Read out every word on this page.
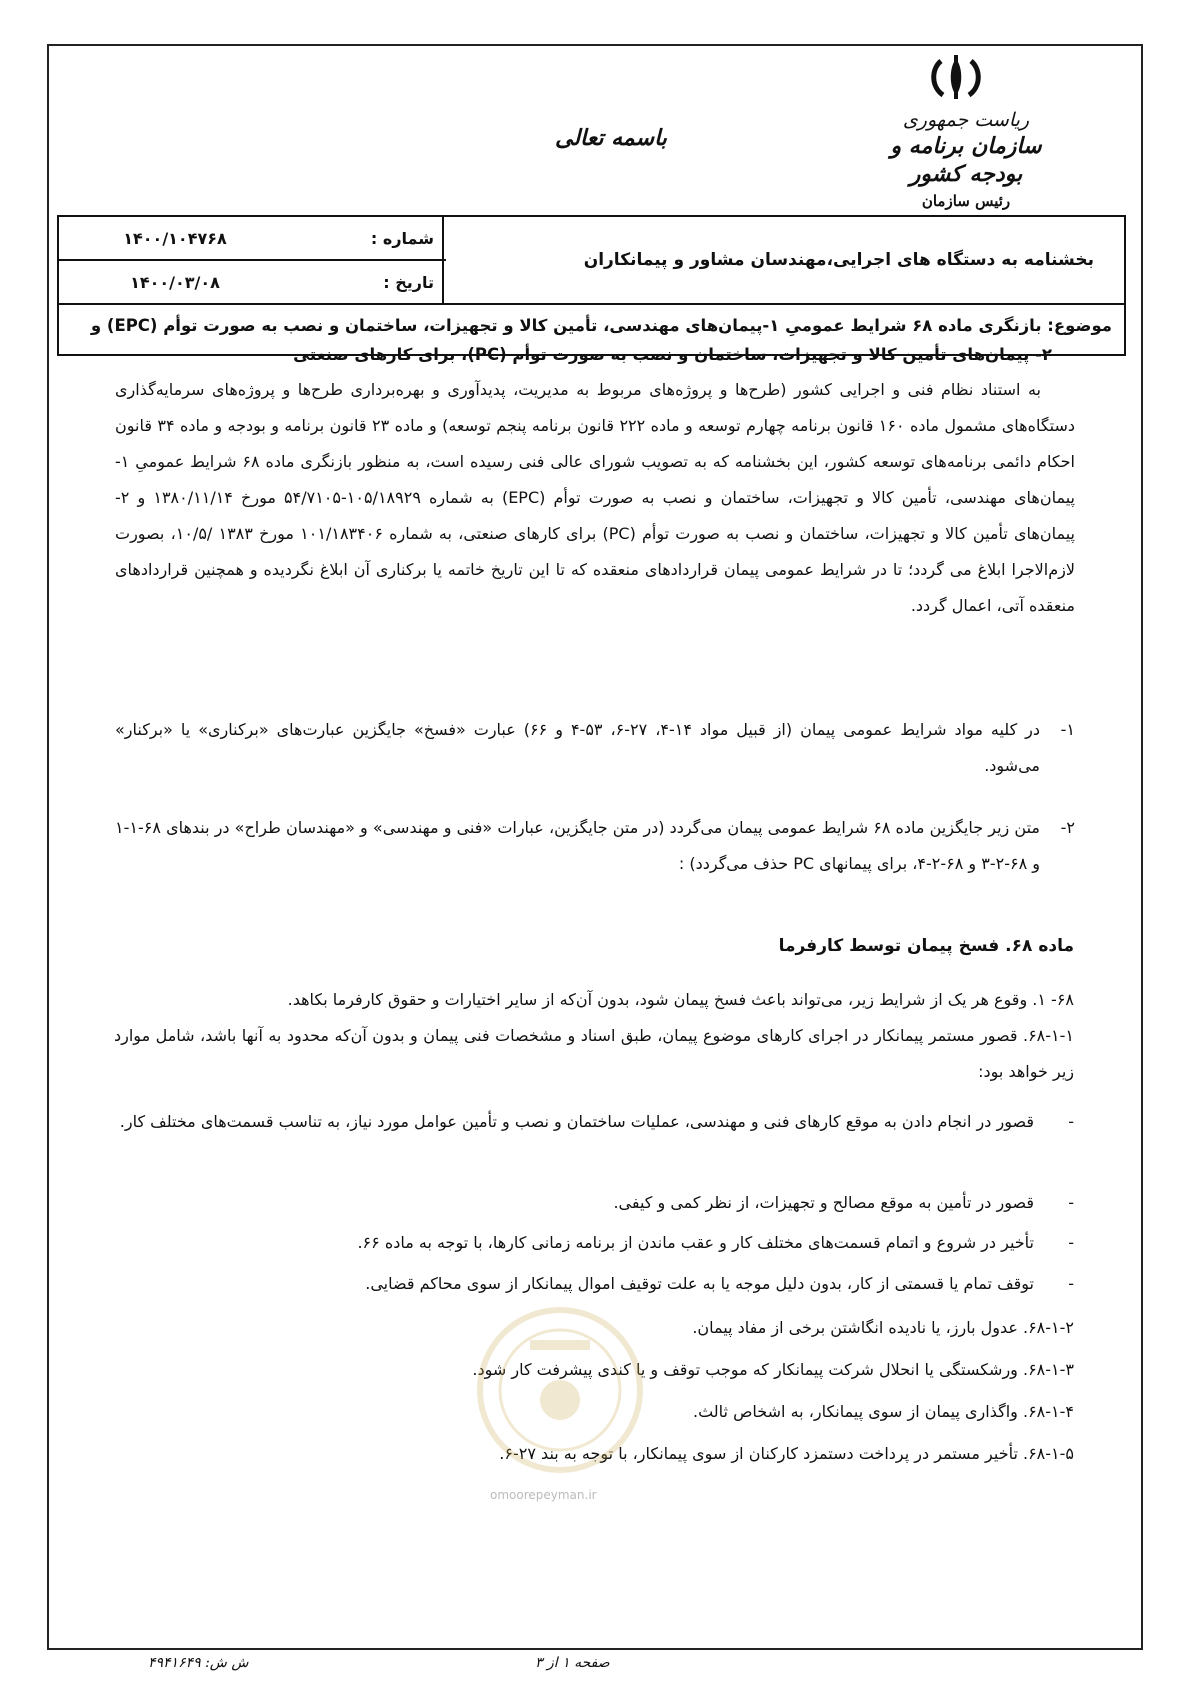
ریاست جمهوری
سازمان برنامه و بودجه کشور
رئیس سازمان
باسمه تعالی
بخشنامه به دستگاه های اجرایی،مهندسان مشاور و پیمانکاران
شماره :
۱۴۰۰/۱۰۴۷۶۸
تاریخ :
۱۴۰۰/۰۳/۰۸
موضوع: بازنگری ماده ۶۸ شرایط عمومیِ ۱-پیمان‌های مهندسی، تأمین کالا و تجهیزات، ساختمان و نصب به صورت توأم (EPC) و
۲- پیمان‌های تأمین کالا و تجهیزات، ساختمان و نصب به صورت توأم (PC)، برای کارهای صنعتی
به استناد نظام فنی و اجرایی کشور (طرح‌ها و پروژه‌های مربوط به مدیریت، پدیدآوری و بهره‌برداری طرح‌ها و پروژه‌های سرمایه‌گذاری دستگاه‌های مشمول ماده ۱۶۰ قانون برنامه چهارم توسعه و ماده ۲۲۲ قانون برنامه پنجم توسعه) و ماده ۲۳ قانون برنامه و بودجه و ماده ۳۴ قانون احکام دائمی برنامه‌های توسعه کشور، این بخشنامه که به تصویب شورای عالی فنی رسیده است، به منظور بازنگری ماده ۶۸ شرایط عمومیِ ۱- پیمان‌های مهندسی، تأمین کالا و تجهیزات، ساختمان و نصب به صورت توأم (EPC) به شماره ۱۰۵/۱۸۹۲۹-۵۴/۷۱۰۵ مورخ ۱۳۸۰/۱۱/۱۴ و ۲- پیمان‌های تأمین کالا و تجهیزات، ساختمان و نصب به صورت توأم (PC) برای کارهای صنعتی، به شماره ۱۰۱/۱۸۳۴۰۶ مورخ ۱۳۸۳ /۱۰/۵، بصورت لازم‌الاجرا ابلاغ می گردد؛ تا در شرایط عمومی پیمان قراردادهای منعقده که تا این تاریخ خاتمه یا برکناری آن ابلاغ نگردیده و همچنین قراردادهای منعقده آتی، اعمال گردد.
۱-
در کلیه مواد شرایط عمومی پیمان (از قبیل مواد ۱۴-۴، ۲۷-۶، ۵۳-۴ و ۶۶) عبارت «فسخ» جایگزین عبارت‌های «برکناری» یا «برکنار» می‌شود.
۲-
متن زیر جایگزین ماده ۶۸ شرایط عمومی پیمان می‌گردد (در متن جایگزین، عبارات «فنی و مهندسی» و «مهندسان طراح» در بندهای ۶۸-۱-۱ و ۶۸-۲-۳ و ۶۸-۲-۴، برای پیمانهای PC حذف می‌گردد) :
ماده ۶۸. فسخ پیمان توسط کارفرما
۶۸- ۱. وقوع هر یک از شرایط زیر، می‌تواند باعث فسخ پیمان شود، بدون آن‌که از سایر اختیارات و حقوق کارفرما بکاهد.
۶۸-۱-۱. قصور مستمر پیمانکار در اجرای کارهای موضوع پیمان، طبق اسناد و مشخصات فنی پیمان و بدون آن‌که محدود به آنها باشد، شامل موارد زیر خواهد بود:
-
قصور در انجام دادن به موقع کارهای فنی و مهندسی، عملیات ساختمان و نصب و تأمین عوامل مورد نیاز، به تناسب قسمت‌های مختلف کار.
-
قصور در تأمین به موقع مصالح و تجهیزات، از نظر کمی و کیفی.
-
تأخیر در شروع و اتمام قسمت‌های مختلف کار و عقب ماندن از برنامه زمانی کارها، با توجه به ماده ۶۶.
-
توقف تمام یا قسمتی از کار، بدون دلیل موجه یا به علت توقیف اموال پیمانکار از سوی محاکم قضایی.
۶۸-۱-۲. عدول بارز، یا نادیده انگاشتن برخی از مفاد پیمان.
۶۸-۱-۳. ورشکستگی یا انحلال شرکت پیمانکار که موجب توقف و یا کندی پیشرفت کار شود.
۶۸-۱-۴. واگذاری پیمان از سوی پیمانکار، به اشخاص ثالث.
۶۸-۱-۵. تأخیر مستمر در پرداخت دستمزد کارکنان از سوی پیمانکار، با توجه به بند ۲۷-۶.
omoorepeyman.ir
ش ش: ۴۹۴۱۶۴۹	صفحه ۱ از ۳
